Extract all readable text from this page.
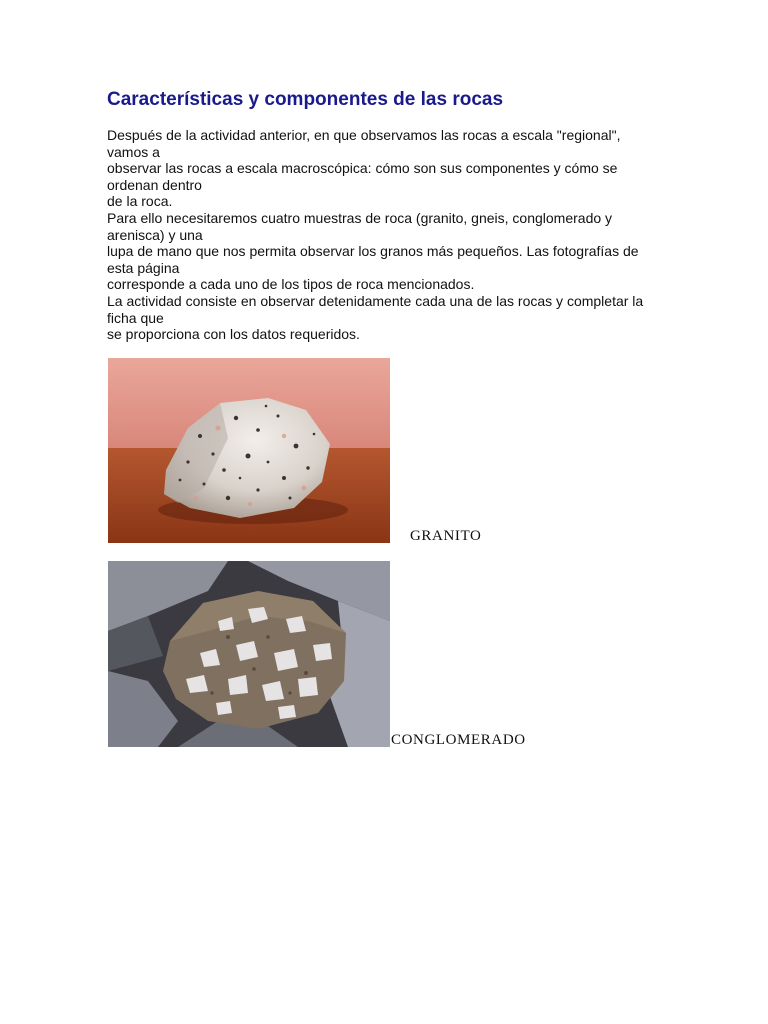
Características y componentes de las rocas
Después de la actividad anterior, en que observamos las rocas a escala "regional",
vamos a
observar las rocas a escala macroscópica: cómo son sus componentes y cómo se
ordenan dentro
de la roca.
Para ello necesitaremos cuatro muestras de roca (granito, gneis, conglomerado y
arenisca) y una
lupa de mano que nos permita observar los granos más pequeños. Las fotografías de
esta página
corresponde a cada uno de los tipos de roca mencionados.
La actividad consiste en observar detenidamente cada una de las rocas y completar la
ficha que
se proporciona con los datos requeridos.
GRANITO
CONGLOMERADO
